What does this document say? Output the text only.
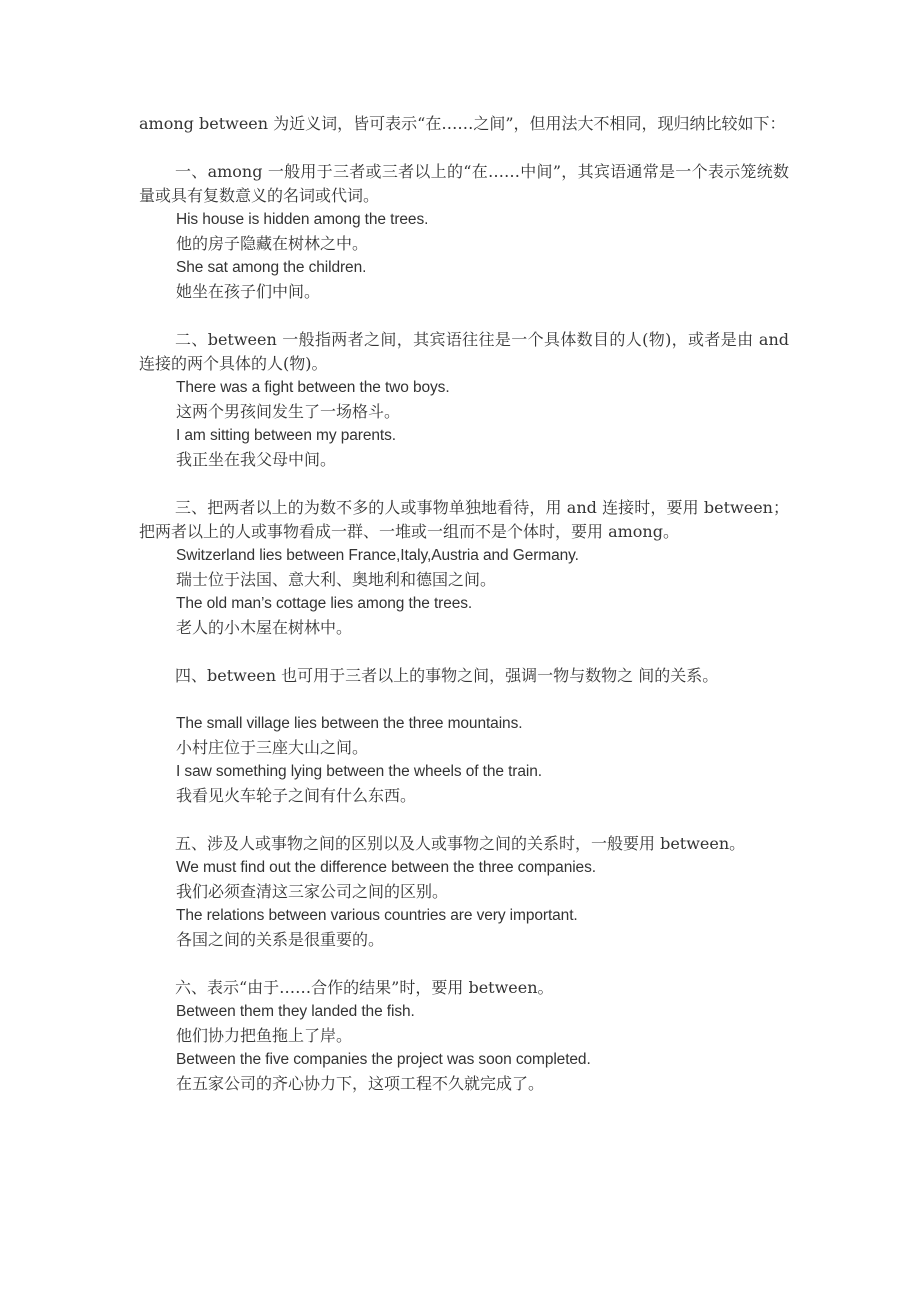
among between 为近义词，皆可表示“在……之间”，但用法大不相同，现归纳比较如下：

一、among 一般用于三者或三者以上的“在……中间”，其宾语通常是一个表示笼统数量或具有复数意义的名词或代词。

His house is hidden among the trees.

他的房子隐藏在树林之中。

She sat among the children.

她坐在孩子们中间。

二、between 一般指两者之间，其宾语往往是一个具体数目的人(物)，或者是由 and 连接的两个具体的人(物)。

There was a fight between the two boys.

这两个男孩间发生了一场格斗。

I am sitting between my parents.

我正坐在我父母中间。

三、把两者以上的为数不多的人或事物单独地看待，用 and 连接时，要用 between；把两者以上的人或事物看成一群、一堆或一组而不是个体时，要用 among。

Switzerland lies between France,Italy,Austria and Germany.

瑞士位于法国、意大利、奥地利和德国之间。

The old man’s cottage lies among the trees.

老人的小木屋在树林中。

四、between 也可用于三者以上的事物之间，强调一物与数物之 间的关系。

The small village lies between the three mountains.

小村庄位于三座大山之间。

I saw something lying between the wheels of the train.

我看见火车轮子之间有什么东西。

五、涉及人或事物之间的区别以及人或事物之间的关系时，一般要用 between。

We must find out the difference between the three companies.

我们必须查清这三家公司之间的区别。

The relations between various countries are very important.

各国之间的关系是很重要的。

六、表示“由于……合作的结果”时，要用 between。

Between them they landed the fish.

他们协力把鱼拖上了岸。

Between the five companies the project was soon completed.

在五家公司的齐心协力下，这项工程不久就完成了。
